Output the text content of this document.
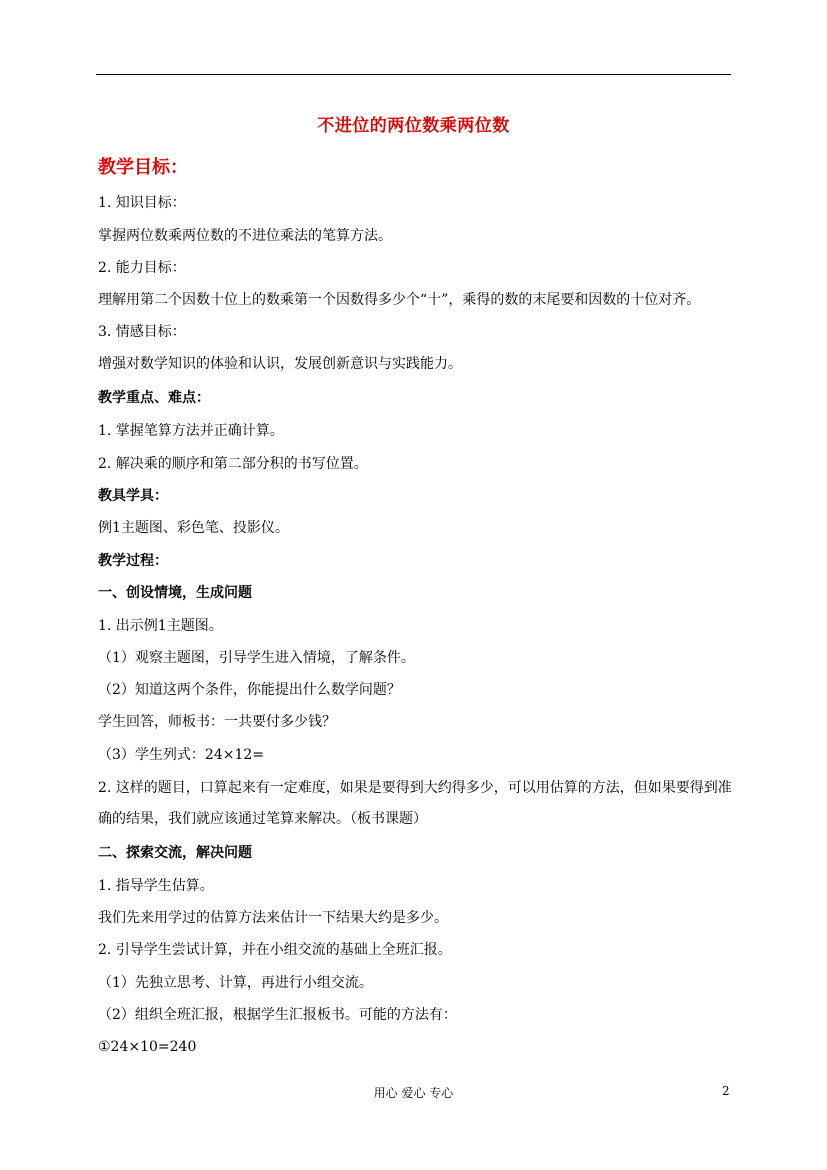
不进位的两位数乘两位数
教学目标：
1. 知识目标：
掌握两位数乘两位数的不进位乘法的笔算方法。
2. 能力目标：
理解用第二个因数十位上的数乘第一个因数得多少个“十”，乘得的数的末尾要和因数的十位对齐。
3. 情感目标：
增强对数学知识的体验和认识，发展创新意识与实践能力。
教学重点、难点：
1. 掌握笔算方法并正确计算。
2. 解决乘的顺序和第二部分积的书写位置。
教具学具：
例1主题图、彩色笔、投影仪。
教学过程：
一、创设情境，生成问题
1. 出示例1主题图。
（1）观察主题图，引导学生进入情境，了解条件。
（2）知道这两个条件，你能提出什么数学问题？
学生回答，师板书：一共要付多少钱？
（3）学生列式：24×12=
2. 这样的题目，口算起来有一定难度，如果是要得到大约得多少，可以用估算的方法，但如果要得到准确的结果，我们就应该通过笔算来解决。（板书课题）
二、探索交流，解决问题
1. 指导学生估算。
我们先来用学过的估算方法来估计一下结果大约是多少。
2. 引导学生尝试计算，并在小组交流的基础上全班汇报。
（1）先独立思考、计算，再进行小组交流。
（2）组织全班汇报，根据学生汇报板书。可能的方法有：
①24×10=240
用心 爱心 专心	2
